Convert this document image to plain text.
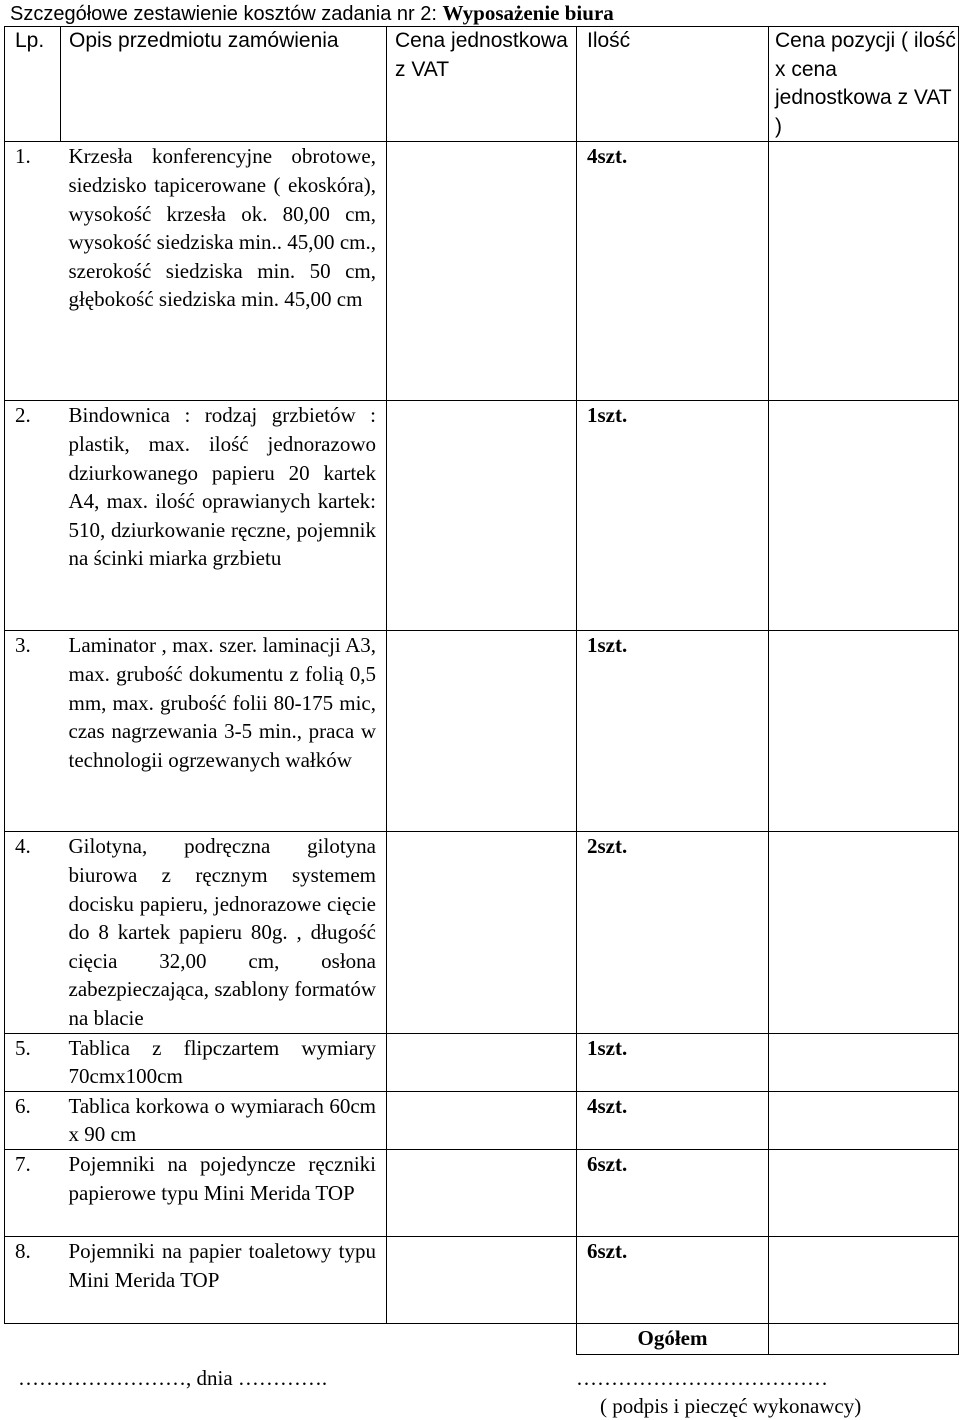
Szczegółowe zestawienie kosztów zadania nr 2: Wyposażenie biura
Lp.	Opis przedmiotu zamówienia	Cena jednostkowa z VAT	Ilość	Cena pozycji ( ilość x cena jednostkowa z VAT )
1.	Krzesła konferencyjne obrotowe, siedzisko tapicerowane ( ekoskóra), wysokość krzesła ok. 80,00 cm, wysokość siedziska min.. 45,00 cm., szerokość siedziska min. 50 cm, głębokość siedziska min. 45,00 cm		4szt.	
2.	Bindownica : rodzaj grzbietów : plastik, max. ilość jednorazowo dziurkowanego papieru 20 kartek A4, max. ilość oprawianych kartek: 510, dziurkowanie ręczne, pojemnik na ścinki miarka grzbietu		1szt.	
3.	Laminator , max. szer. laminacji A3, max. grubość dokumentu z folią 0,5 mm, max. grubość folii 80-175 mic, czas nagrzewania 3-5 min., praca w technologii ogrzewanych wałków		1szt.	
4.	Gilotyna, podręczna gilotyna biurowa z ręcznym systemem docisku papieru, jednorazowe cięcie do 8 kartek papieru 80g. , długość cięcia 32,00 cm, osłona zabezpieczająca, szablony formatów na blacie		2szt.	
5.	Tablica z flipczartem wymiary 70cmx100cm		1szt.	
6.	Tablica korkowa o wymiarach 60cm x 90 cm		4szt.	
7.	Pojemniki na pojedyncze ręczniki papierowe typu Mini Merida TOP		6szt.	
8.	Pojemniki na papier toaletowy typu Mini Merida TOP		6szt.	
			Ogółem	
……………………, dnia ………….	………………………………
( podpis i pieczęć wykonawcy)
